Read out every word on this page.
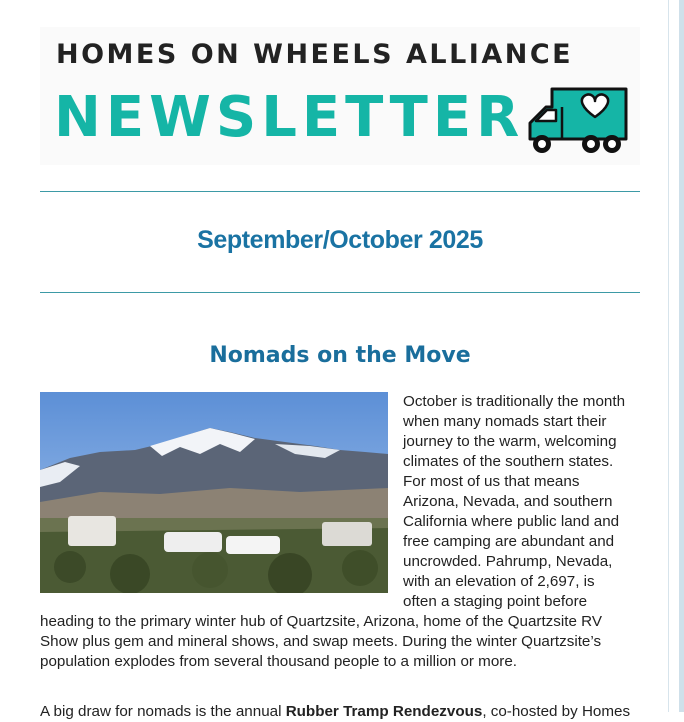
HOMES ON WHEELS ALLIANCE
NEWSLETTER
September/October 2025
Nomads on the Move
October is traditionally the month
when many nomads start their
journey to the warm, welcoming
climates of the southern states.
For most of us that means
Arizona, Nevada, and southern
California where public land and
free camping are abundant and
uncrowded. Pahrump, Nevada,
with an elevation of 2,697, is
often a staging point before
heading to the primary winter hub of Quartzsite, Arizona, home of the Quartzsite RV
Show plus gem and mineral shows, and swap meets. During the winter Quartzsite’s
population explodes from several thousand people to a million or more.
A big draw for nomads is the annual Rubber Tramp Rendezvous, co-hosted by Homes
